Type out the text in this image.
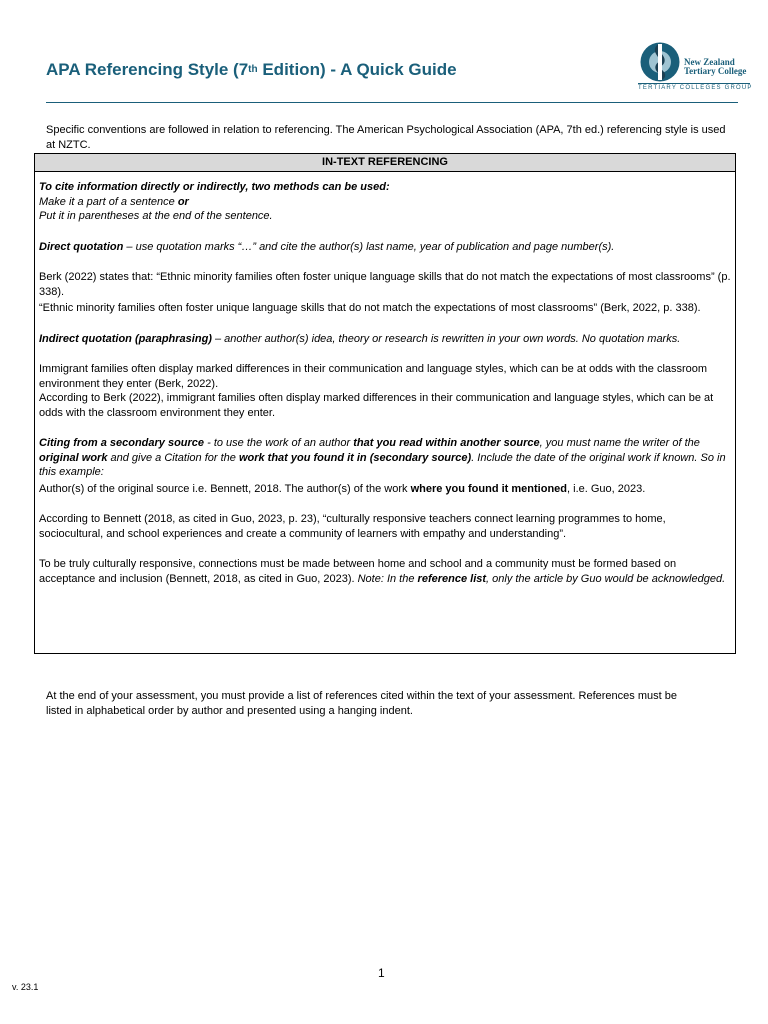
APA Referencing Style (7th Edition) - A Quick Guide	New Zealand
Tertiary College
TERTIARY COLLEGES GROUP

Specific conventions are followed in relation to referencing. The American Psychological Association (APA, 7th ed.) referencing style is used at NZTC.

IN-TEXT REFERENCING

To cite information directly or indirectly, two methods can be used:

Make it a part of a sentence or

Put it in parentheses at the end of the sentence.

Direct quotation – use quotation marks “…” and cite the author(s) last name, year of publication and page number(s).

Berk (2022) states that: “Ethnic minority families often foster unique language skills that do not match the expectations of most classrooms” (p. 338).

“Ethnic minority families often foster unique language skills that do not match the expectations of most classrooms” (Berk, 2022, p. 338).

Indirect quotation (paraphrasing) – another author(s) idea, theory or research is rewritten in your own words. No quotation marks.

Immigrant families often display marked differences in their communication and language styles, which can be at odds with the classroom environment they enter (Berk, 2022).

According to Berk (2022), immigrant families often display marked differences in their communication and language styles, which can be at odds with the classroom environment they enter.

Citing from a secondary source - to use the work of an author that you read within another source, you must name the writer of the original work and give a Citation for the work that you found it in (secondary source). Include the date of the original work if known. So in this example:

Author(s) of the original source i.e. Bennett, 2018. The author(s) of the work where you found it mentioned, i.e. Guo, 2023.

According to Bennett (2018, as cited in Guo, 2023, p. 23), “culturally responsive teachers connect learning programmes to home, sociocultural, and school experiences and create a community of learners with empathy and understanding”.

To be truly culturally responsive, connections must be made between home and school and a community must be formed based on acceptance and inclusion (Bennett, 2018, as cited in Guo, 2023). Note: In the reference list, only the article by Guo would be acknowledged.

At the end of your assessment, you must provide a list of references cited within the text of your assessment. References must be listed in alphabetical order by author and presented using a hanging indent.

1
v. 23.1
